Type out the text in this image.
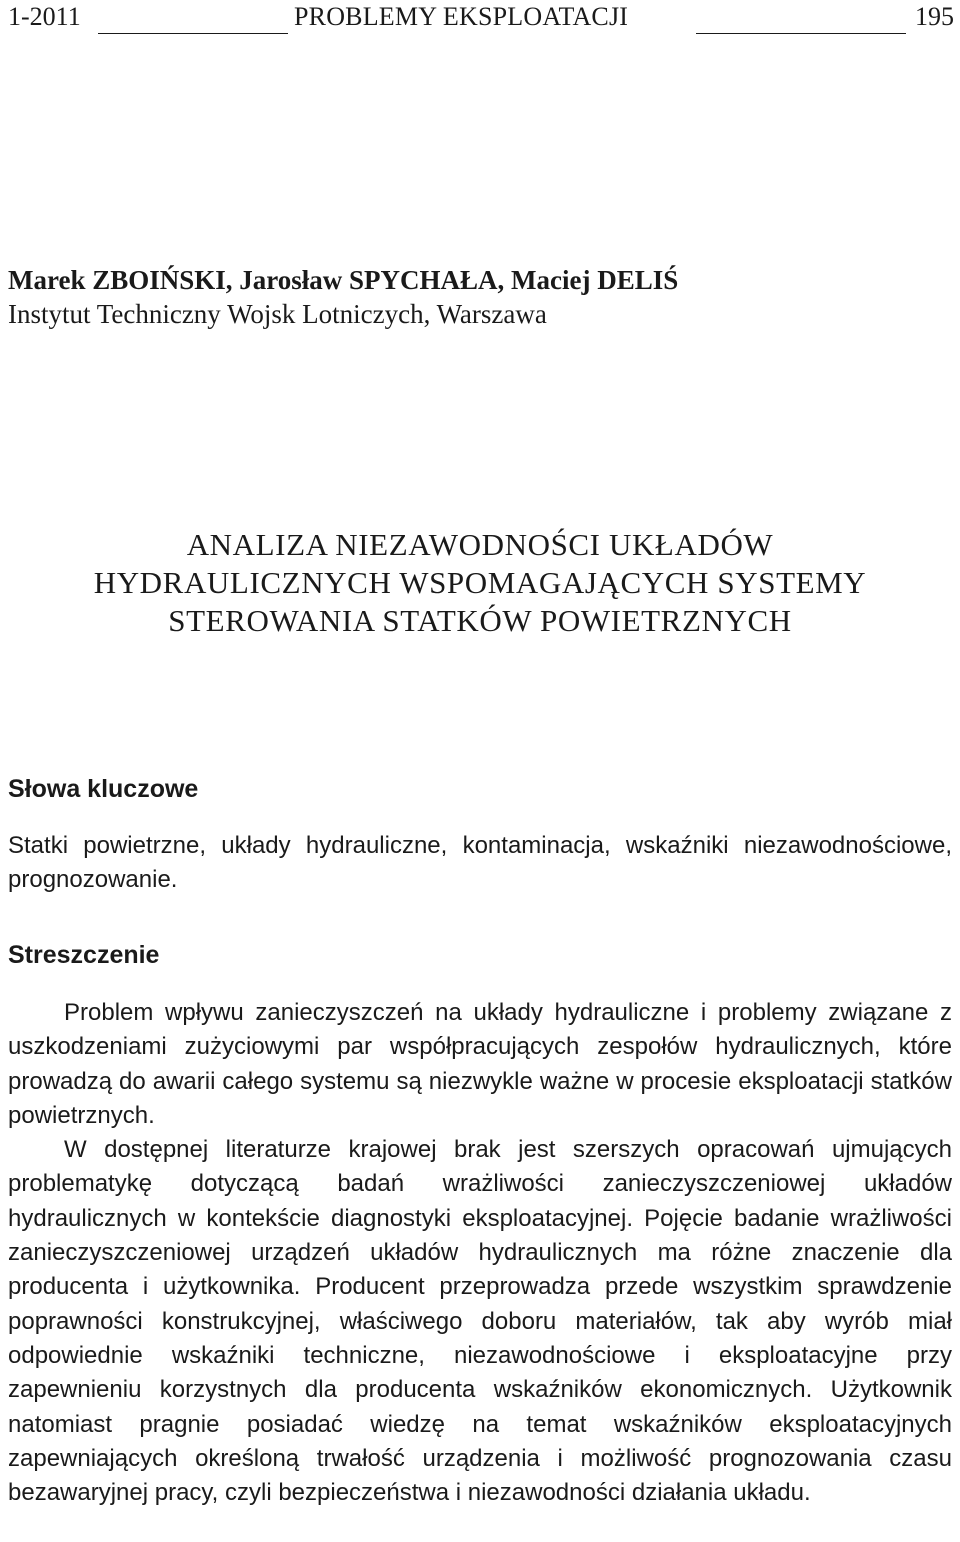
1-2011	PROBLEMY EKSPLOATACJI	195
Marek ZBOIŃSKI, Jarosław SPYCHAŁA, Maciej DELIŚ
Instytut Techniczny Wojsk Lotniczych, Warszawa
ANALIZA NIEZAWODNOŚCI UKŁADÓW
HYDRAULICZNYCH WSPOMAGAJĄCYCH SYSTEMY
STEROWANIA STATKÓW POWIETRZNYCH
Słowa kluczowe
Statki powietrzne, układy hydrauliczne, kontaminacja, wskaźniki niezawodnościowe, prognozowanie.
Streszczenie

Problem wpływu zanieczyszczeń na układy hydrauliczne i problemy związane z uszkodzeniami zużyciowymi par współpracujących zespołów hydraulicznych, które prowadzą do awarii całego systemu są niezwykle ważne w procesie eksploatacji statków powietrznych.

W dostępnej literaturze krajowej brak jest szerszych opracowań ujmujących problematykę dotyczącą badań wrażliwości zanieczyszczeniowej układów hydraulicznych w kontekście diagnostyki eksploatacyjnej. Pojęcie badanie wrażliwości zanieczyszczeniowej urządzeń układów hydraulicznych ma różne znaczenie dla producenta i użytkownika. Producent przeprowadza przede wszystkim sprawdzenie poprawności konstrukcyjnej, właściwego doboru materiałów, tak aby wyrób miał odpowiednie wskaźniki techniczne, niezawodnościowe i eksploatacyjne przy zapewnieniu korzystnych dla producenta wskaźników ekonomicznych. Użytkownik natomiast pragnie posiadać wiedzę na temat wskaźników eksploatacyjnych zapewniających określoną trwałość urządzenia i możliwość prognozowania czasu bezawaryjnej pracy, czyli bezpieczeństwa i niezawodności działania układu.
